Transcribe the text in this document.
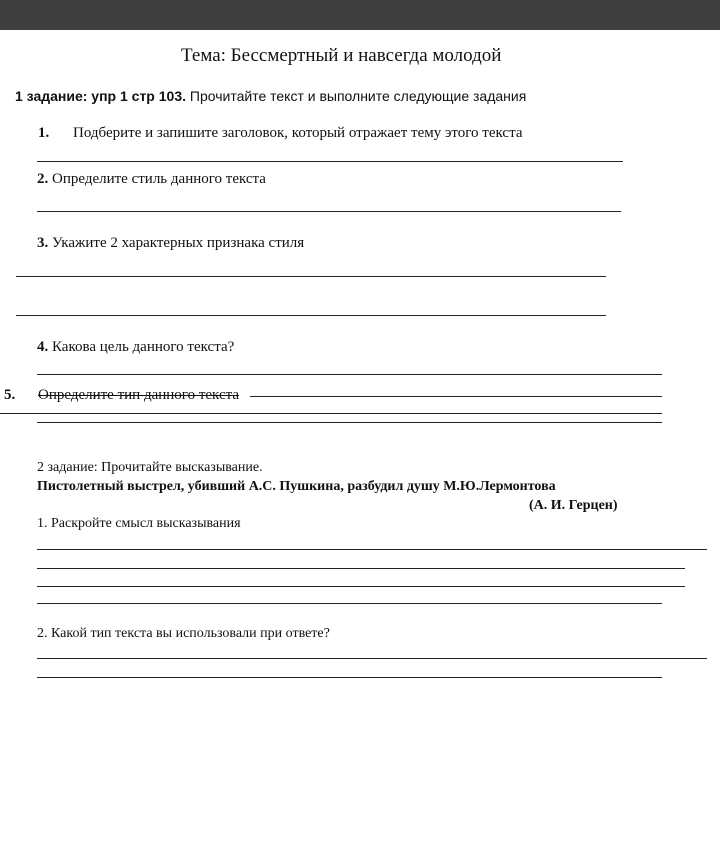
Тема: Бессмертный и навсегда молодой
1 задание: упр 1 стр 103. Прочитайте текст и выполните следующие задания
1. Подберите и запишите заголовок, который отражает тему этого текста
2. Определите стиль данного текста
3. Укажите 2 характерных признака стиля
4. Какова цель данного текста?
5. Определите тип данного текста
2 задание: Прочитайте высказывание.
Пистолетный выстрел, убивший А.С. Пушкина, разбудил душу М.Ю.Лермонтова
(А. И. Герцен)
1. Раскройте смысл высказывания
2. Какой тип текста вы использовали при ответе?
